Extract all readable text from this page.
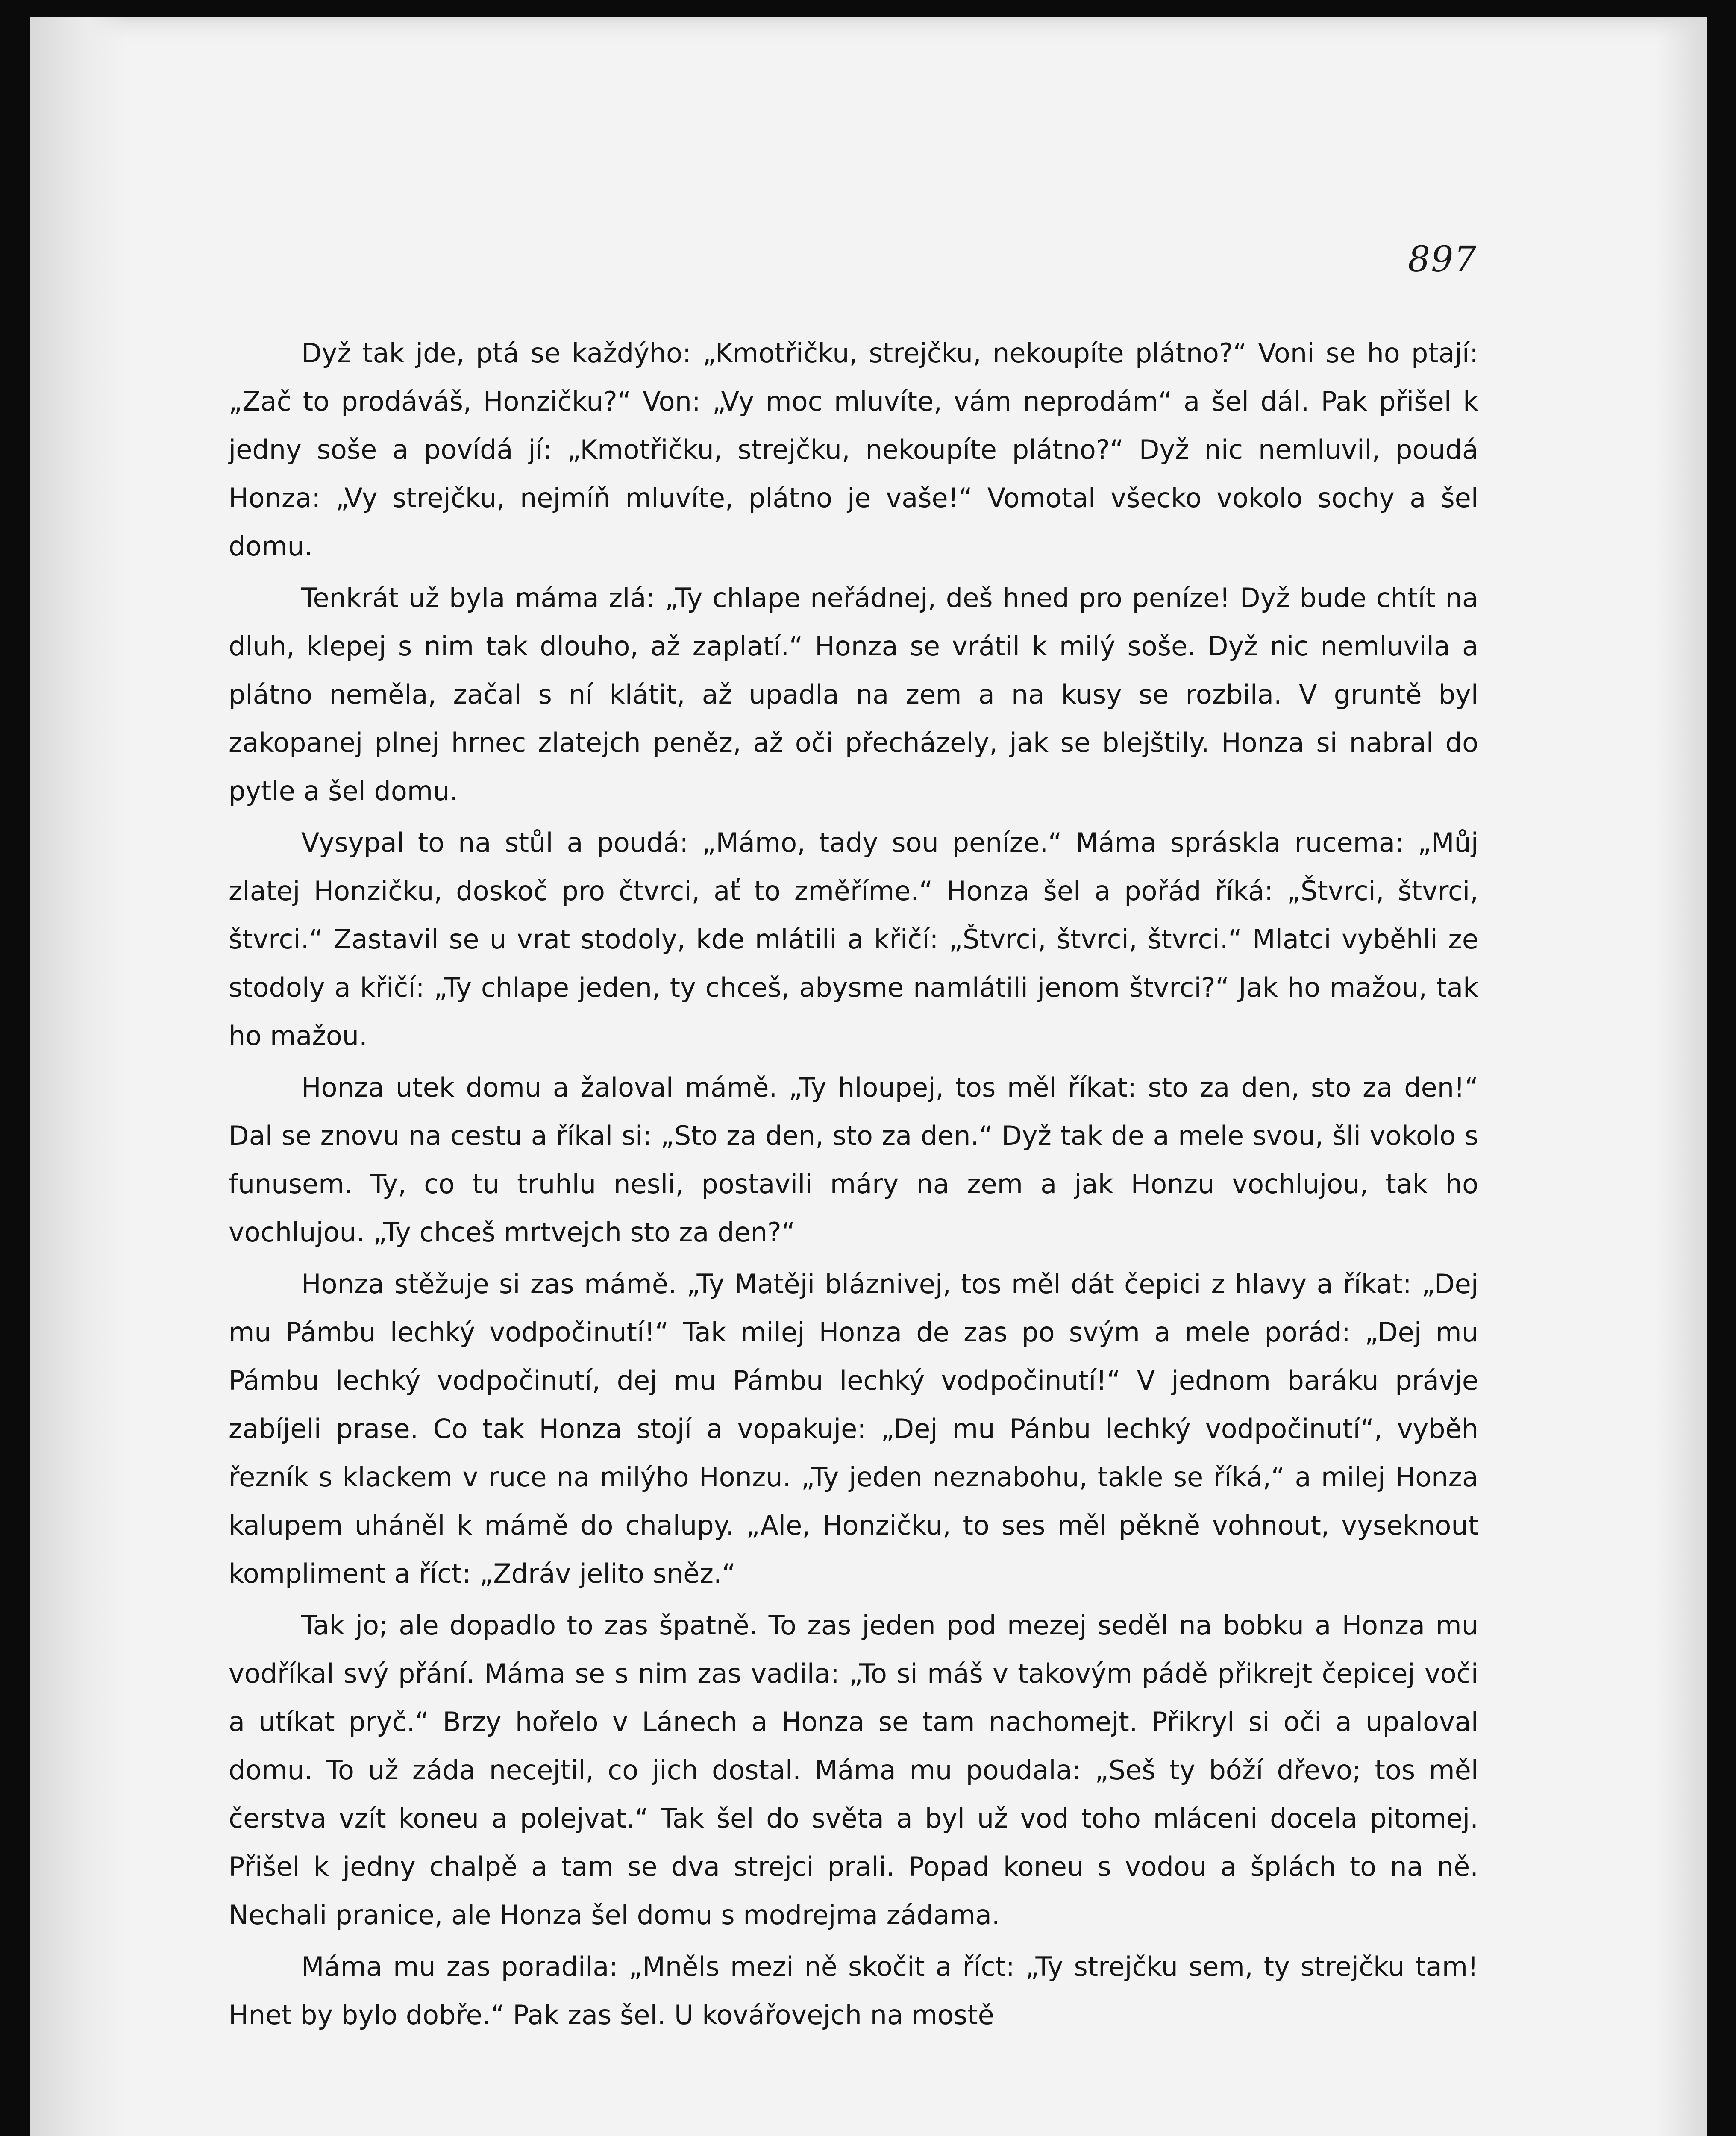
897

Dyž tak jde, ptá se každýho: „Kmotřičku, strejčku, nekoupíte plátno?“ Voni se ho ptají: „Zač to prodáváš, Honzičku?“ Von: „Vy moc mluvíte, vám neprodám“ a šel dál. Pak přišel k jedny soše a povídá jí: „Kmotřičku, strejčku, nekoupíte plátno?“ Dyž nic nemluvil, poudá Honza: „Vy strejčku, nejmíň mluvíte, plátno je vaše!“ Vomotal všecko vokolo sochy a šel domu.

Tenkrát už byla máma zlá: „Ty chlape neřádnej, deš hned pro peníze! Dyž bude chtít na dluh, klepej s nim tak dlouho, až zaplatí.“ Honza se vrátil k milý soše. Dyž nic nemluvila a plátno neměla, začal s ní klátit, až upadla na zem a na kusy se rozbila. V gruntě byl zakopanej plnej hrnec zlatejch peněz, až oči přecházely, jak se blejštily. Honza si nabral do pytle a šel domu.

Vysypal to na stůl a poudá: „Mámo, tady sou peníze.“ Máma spráskla rucema: „Můj zlatej Honzičku, doskoč pro čtvrci, ať to změříme.“ Honza šel a pořád říká: „Štvrci, štvrci, štvrci.“ Zastavil se u vrat stodoly, kde mlátili a křičí: „Štvrci, štvrci, štvrci.“ Mlatci vyběhli ze stodoly a křičí: „Ty chlape jeden, ty chceš, abysme namlátili jenom štvrci?“ Jak ho mažou, tak ho mažou.

Honza utek domu a žaloval mámě. „Ty hloupej, tos měl říkat: sto za den, sto za den!“ Dal se znovu na cestu a říkal si: „Sto za den, sto za den.“ Dyž tak de a mele svou, šli vokolo s funusem. Ty, co tu truhlu nesli, postavili máry na zem a jak Honzu vochlujou, tak ho vochlujou. „Ty chceš mrtvejch sto za den?“

Honza stěžuje si zas mámě. „Ty Matěji bláznivej, tos měl dát čepici z hlavy a říkat: „Dej mu Pámbu lechký vodpočinutí!“ Tak milej Honza de zas po svým a mele porád: „Dej mu Pámbu lechký vodpočinutí, dej mu Pámbu lechký vodpočinutí!“ V jednom baráku právje zabíjeli prase. Co tak Honza stojí a vopakuje: „Dej mu Pánbu lechký vodpočinutí“, vyběh řezník s klackem v ruce na milýho Honzu. „Ty jeden neznabohu, takle se říká,“ a milej Honza kalupem uháněl k mámě do chalupy. „Ale, Honzičku, to ses měl pěkně vohnout, vyseknout kompliment a říct: „Zdráv jelito sněz.“

Tak jo; ale dopadlo to zas špatně. To zas jeden pod mezej seděl na bobku a Honza mu vodříkal svý přání. Máma se s nim zas vadila: „To si máš v takovým pádě přikrejt čepicej voči a utíkat pryč.“ Brzy hořelo v Lánech a Honza se tam nachomejt. Přikryl si oči a upaloval domu. To už záda necejtil, co jich dostal. Máma mu poudala: „Seš ty bóží dřevo; tos měl čerstva vzít koneu a polejvat.“ Tak šel do světa a byl už vod toho mláceni docela pitomej. Přišel k jedny chalpě a tam se dva strejci prali. Popad koneu s vodou a šplách to na ně. Nechali pranice, ale Honza šel domu s modrejma zádama.

Máma mu zas poradila: „Mněls mezi ně skočit a říct: „Ty strejčku sem, ty strejčku tam! Hnet by bylo dobře.“ Pak zas šel. U kovářovejch na mostě
